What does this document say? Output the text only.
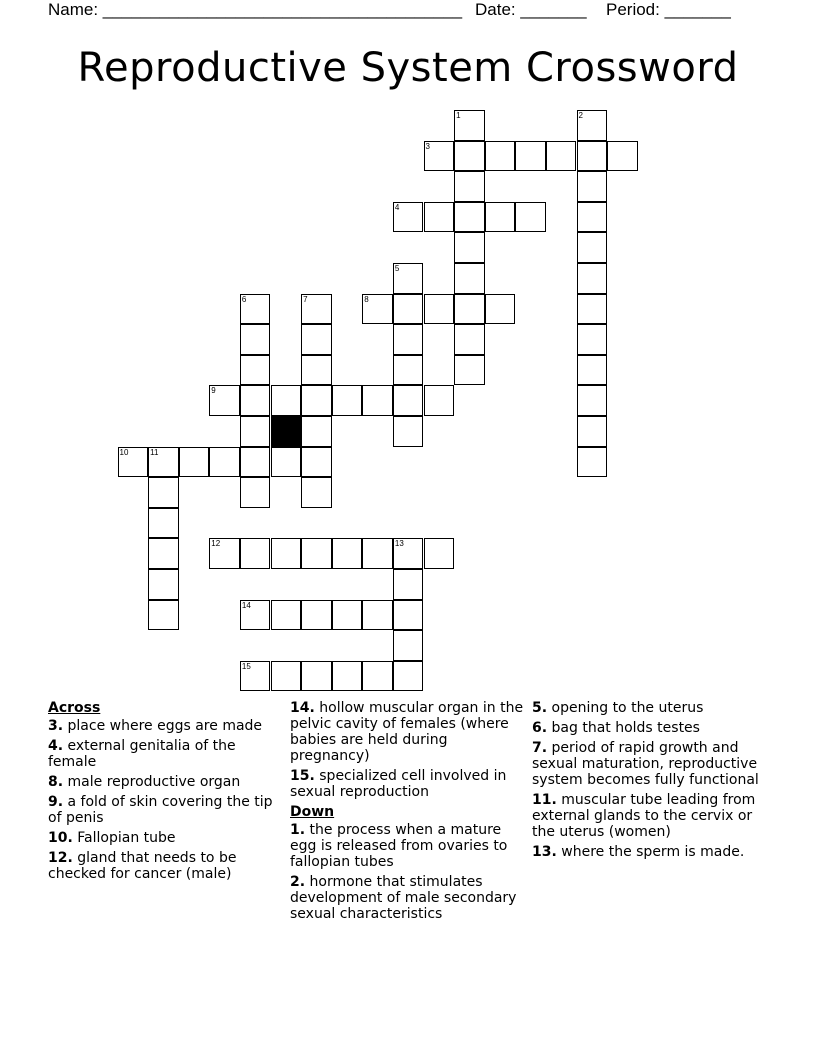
Name: ______________________________________ Date: _______ Period: _______
Reproductive System Crossword
1	2
3
4
5
6	7	8
9
10	11
12	13
14
15
Across
3. place where eggs are made
4. external genitalia of the female
8. male reproductive organ
9. a fold of skin covering the tip of penis
10. Fallopian tube
12. gland that needs to be checked for cancer (male)
14. hollow muscular organ in the pelvic cavity of females (where babies are held during pregnancy)
15. specialized cell involved in sexual reproduction
Down
1. the process when a mature egg is released from ovaries to fallopian tubes
2. hormone that stimulates development of male secondary sexual characteristics
5. opening to the uterus
6. bag that holds testes
7. period of rapid growth and sexual maturation, reproductive system becomes fully functional
11. muscular tube leading from external glands to the cervix or the uterus (women)
13. where the sperm is made.
